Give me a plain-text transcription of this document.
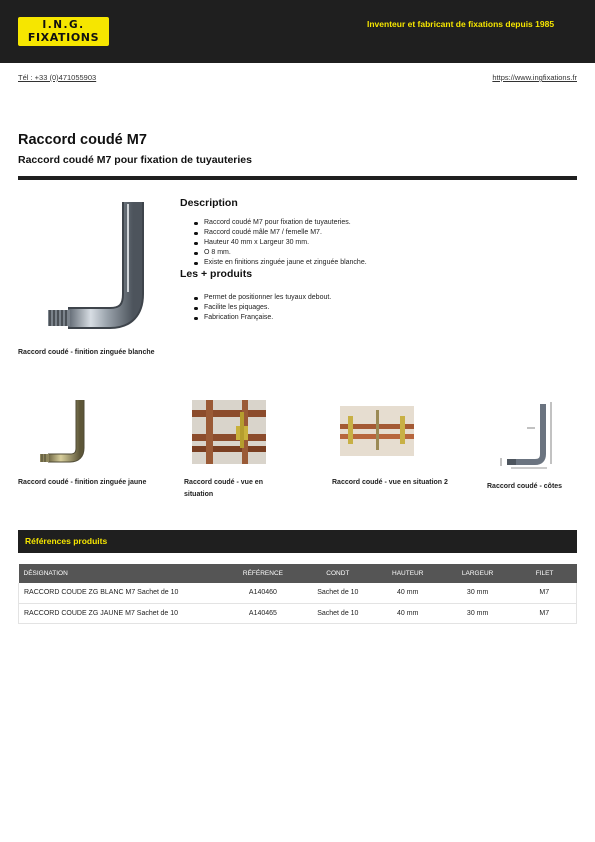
I.N.G.
FIXATIONS
Inventeur et fabricant de fixations depuis 1985
Tél : +33 (0)471055903	https://www.ingfixations.fr
Raccord coudé M7
Raccord coudé M7 pour fixation de tuyauteries
Raccord coudé - finition zinguée blanche
Description
Raccord coudé M7 pour fixation de tuyauteries.
Raccord coudé mâle M7 / femelle M7.
Hauteur 40 mm x Largeur 30 mm.
O 8 mm.
Existe en finitions zinguée jaune et zinguée blanche.
Les + produits
Permet de positionner les tuyaux debout.
Facilite les piquages.
Fabrication Française.
Raccord coudé - finition zinguée jaune	Raccord coudé - vue en situation
Raccord coudé - vue en situation 2
Raccord coudé - côtes
Références produits
DÉSIGNATION	RÉFÉRENCE	CONDT	HAUTEUR	LARGEUR	FILET
RACCORD COUDE ZG BLANC M7 Sachet de 10	A140460	Sachet de 10	40 mm	30 mm	M7
RACCORD COUDE ZG JAUNE M7 Sachet de 10	A140465	Sachet de 10	40 mm	30 mm	M7
